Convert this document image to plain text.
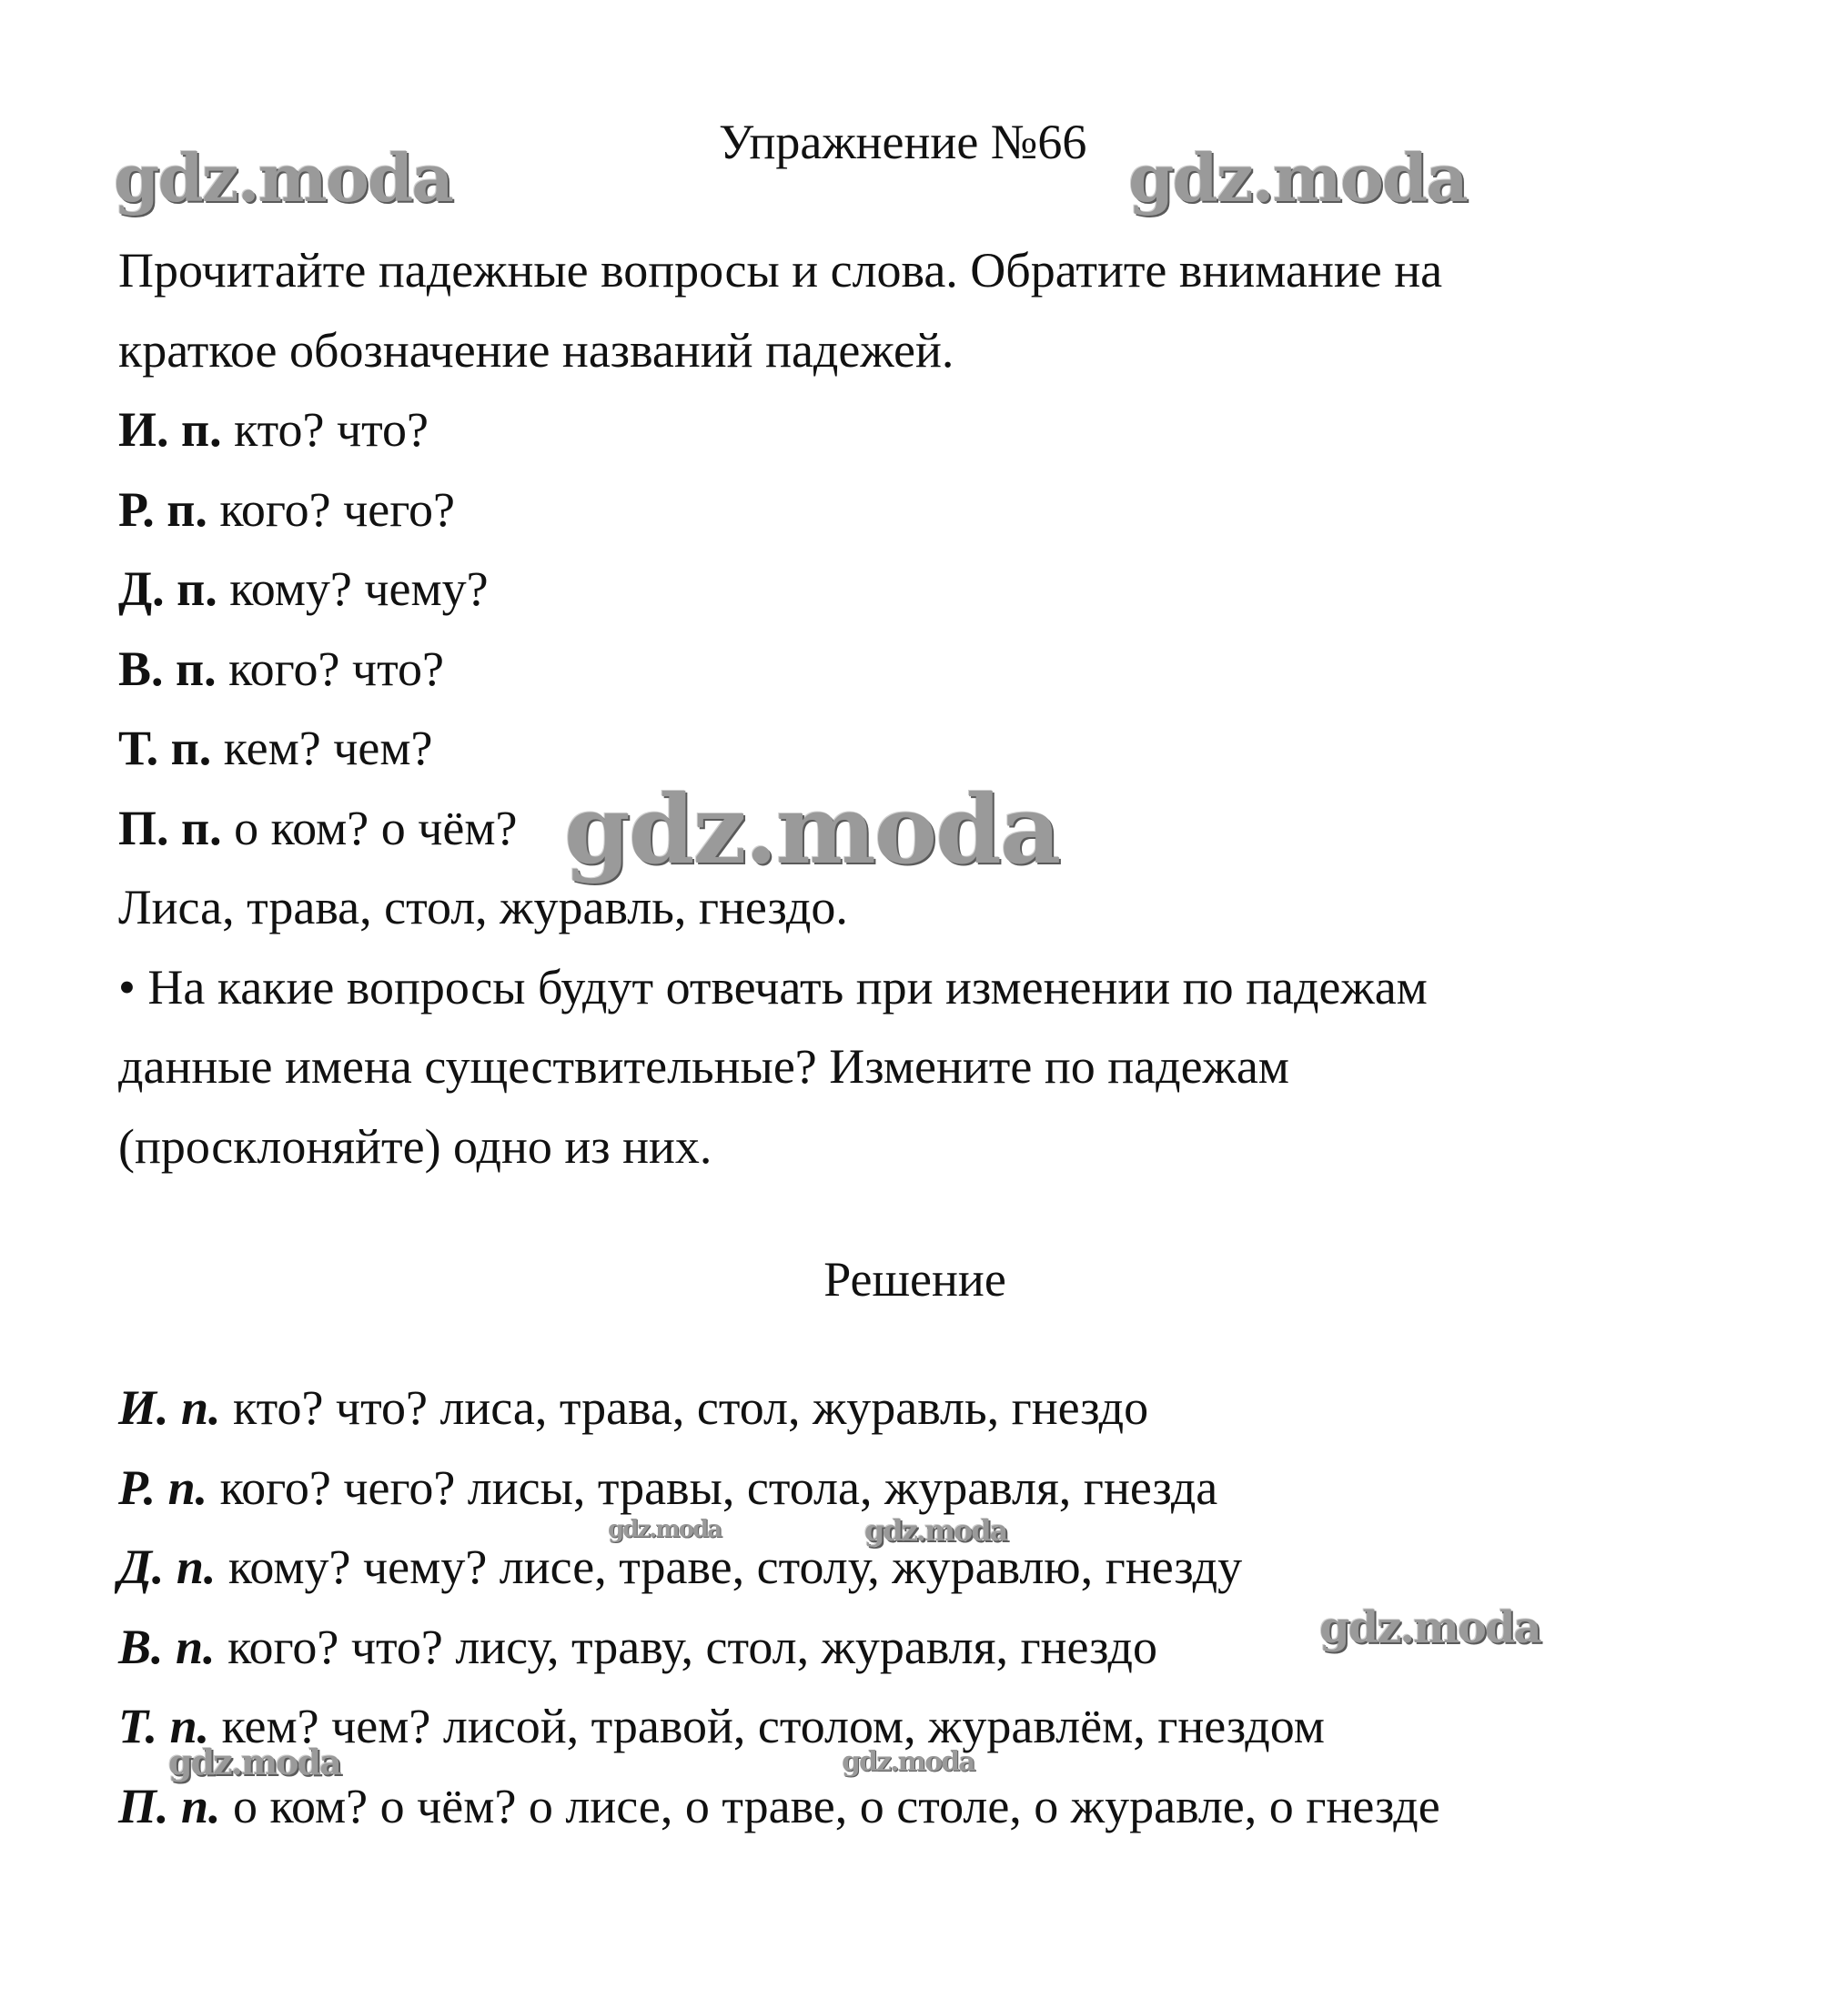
Упражнение №66
Прочитайте падежные вопросы и слова. Обратите внимание на
краткое обозначение названий падежей.
И. п. кто? что?
Р. п. кого? чего?
Д. п. кому? чему?
В. п. кого? что?
Т. п. кем? чем?
П. п. о ком? о чём?
Лиса, трава, стол, журавль, гнездо.
• На какие вопросы будут отвечать при изменении по падежам
данные имена существительные? Измените по падежам
(просклоняйте) одно из них.
Решение
И. п. кто? что? лиса, трава, стол, журавль, гнездо
Р. п. кого? чего? лисы, травы, стола, журавля, гнезда
Д. п. кому? чему? лисе, траве, столу, журавлю, гнезду
В. п. кого? что? лису, траву, стол, журавля, гнездо
Т. п. кем? чем? лисой, травой, столом, журавлём, гнездом
П. п. о ком? о чём? о лисе, о траве, о столе, о журавле, о гнезде
gdz.moda	gdz.moda
gdz.moda
gdz.moda	gdz.moda
gdz.moda
gdz.moda	gdz.moda
